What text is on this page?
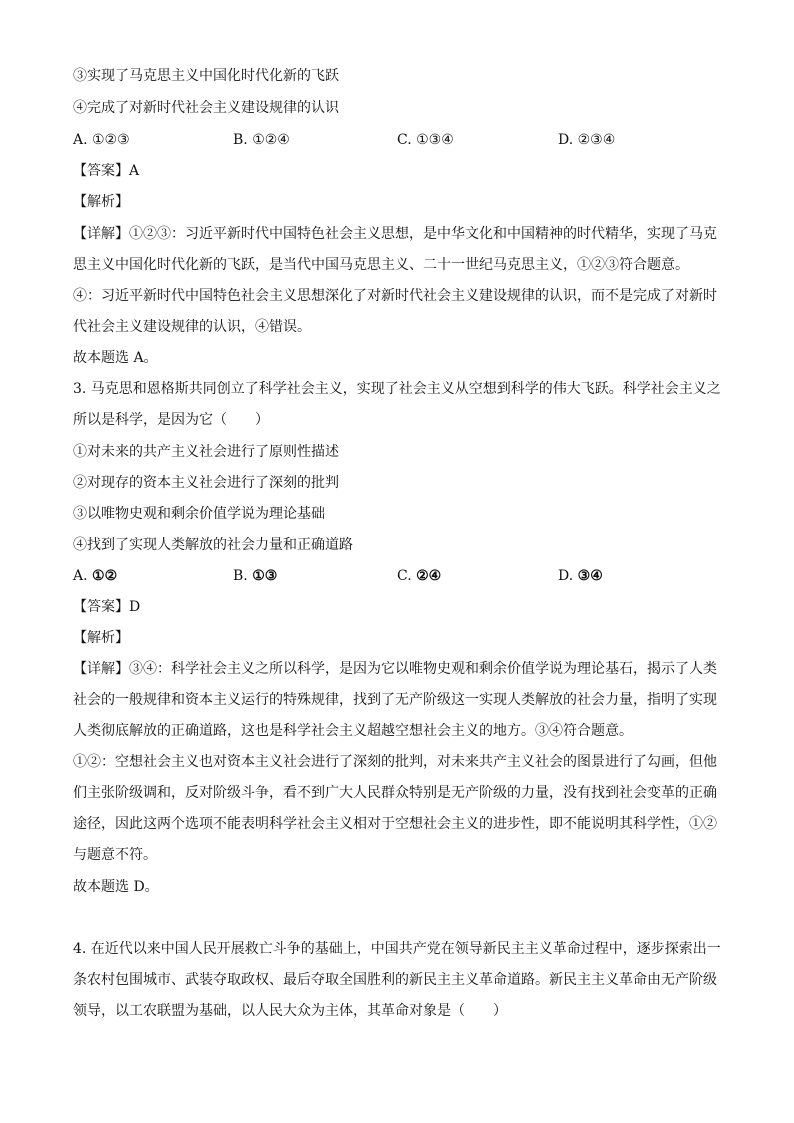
③实现了马克思主义中国化时代化新的飞跃
④完成了对新时代社会主义建设规律的认识
A. ①②③	B. ①②④	C. ①③④	D. ②③④
【答案】A
【解析】
【详解】①②③：习近平新时代中国特色社会主义思想，是中华文化和中国精神的时代精华，实现了马克
思主义中国化时代化新的飞跃，是当代中国马克思主义、二十一世纪马克思主义，①②③符合题意。
④：习近平新时代中国特色社会主义思想深化了对新时代社会主义建设规律的认识，而不是完成了对新时
代社会主义建设规律的认识，④错误。
故本题选 A。
3. 马克思和恩格斯共同创立了科学社会主义，实现了社会主义从空想到科学的伟大飞跃。科学社会主义之
所以是科学，是因为它（　　）
①对未来的共产主义社会进行了原则性描述
②对现存的资本主义社会进行了深刻的批判
③以唯物史观和剩余价值学说为理论基础
④找到了实现人类解放的社会力量和正确道路
A. ①②	B. ①③	C. ②④	D. ③④
【答案】D
【解析】
【详解】③④：科学社会主义之所以科学，是因为它以唯物史观和剩余价值学说为理论基石，揭示了人类
社会的一般规律和资本主义运行的特殊规律，找到了无产阶级这一实现人类解放的社会力量，指明了实现
人类彻底解放的正确道路，这也是科学社会主义超越空想社会主义的地方。③④符合题意。
①②：空想社会主义也对资本主义社会进行了深刻的批判，对未来共产主义社会的图景进行了勾画，但他
们主张阶级调和，反对阶级斗争，看不到广大人民群众特别是无产阶级的力量，没有找到社会变革的正确
途径，因此这两个选项不能表明科学社会主义相对于空想社会主义的进步性，即不能说明其科学性，①②
与题意不符。
故本题选 D。
4. 在近代以来中国人民开展救亡斗争的基础上，中国共产党在领导新民主主义革命过程中，逐步探索出一
条农村包围城市、武装夺取政权、最后夺取全国胜利的新民主主义革命道路。新民主主义革命由无产阶级
领导，以工农联盟为基础，以人民大众为主体，其革命对象是（　　）
